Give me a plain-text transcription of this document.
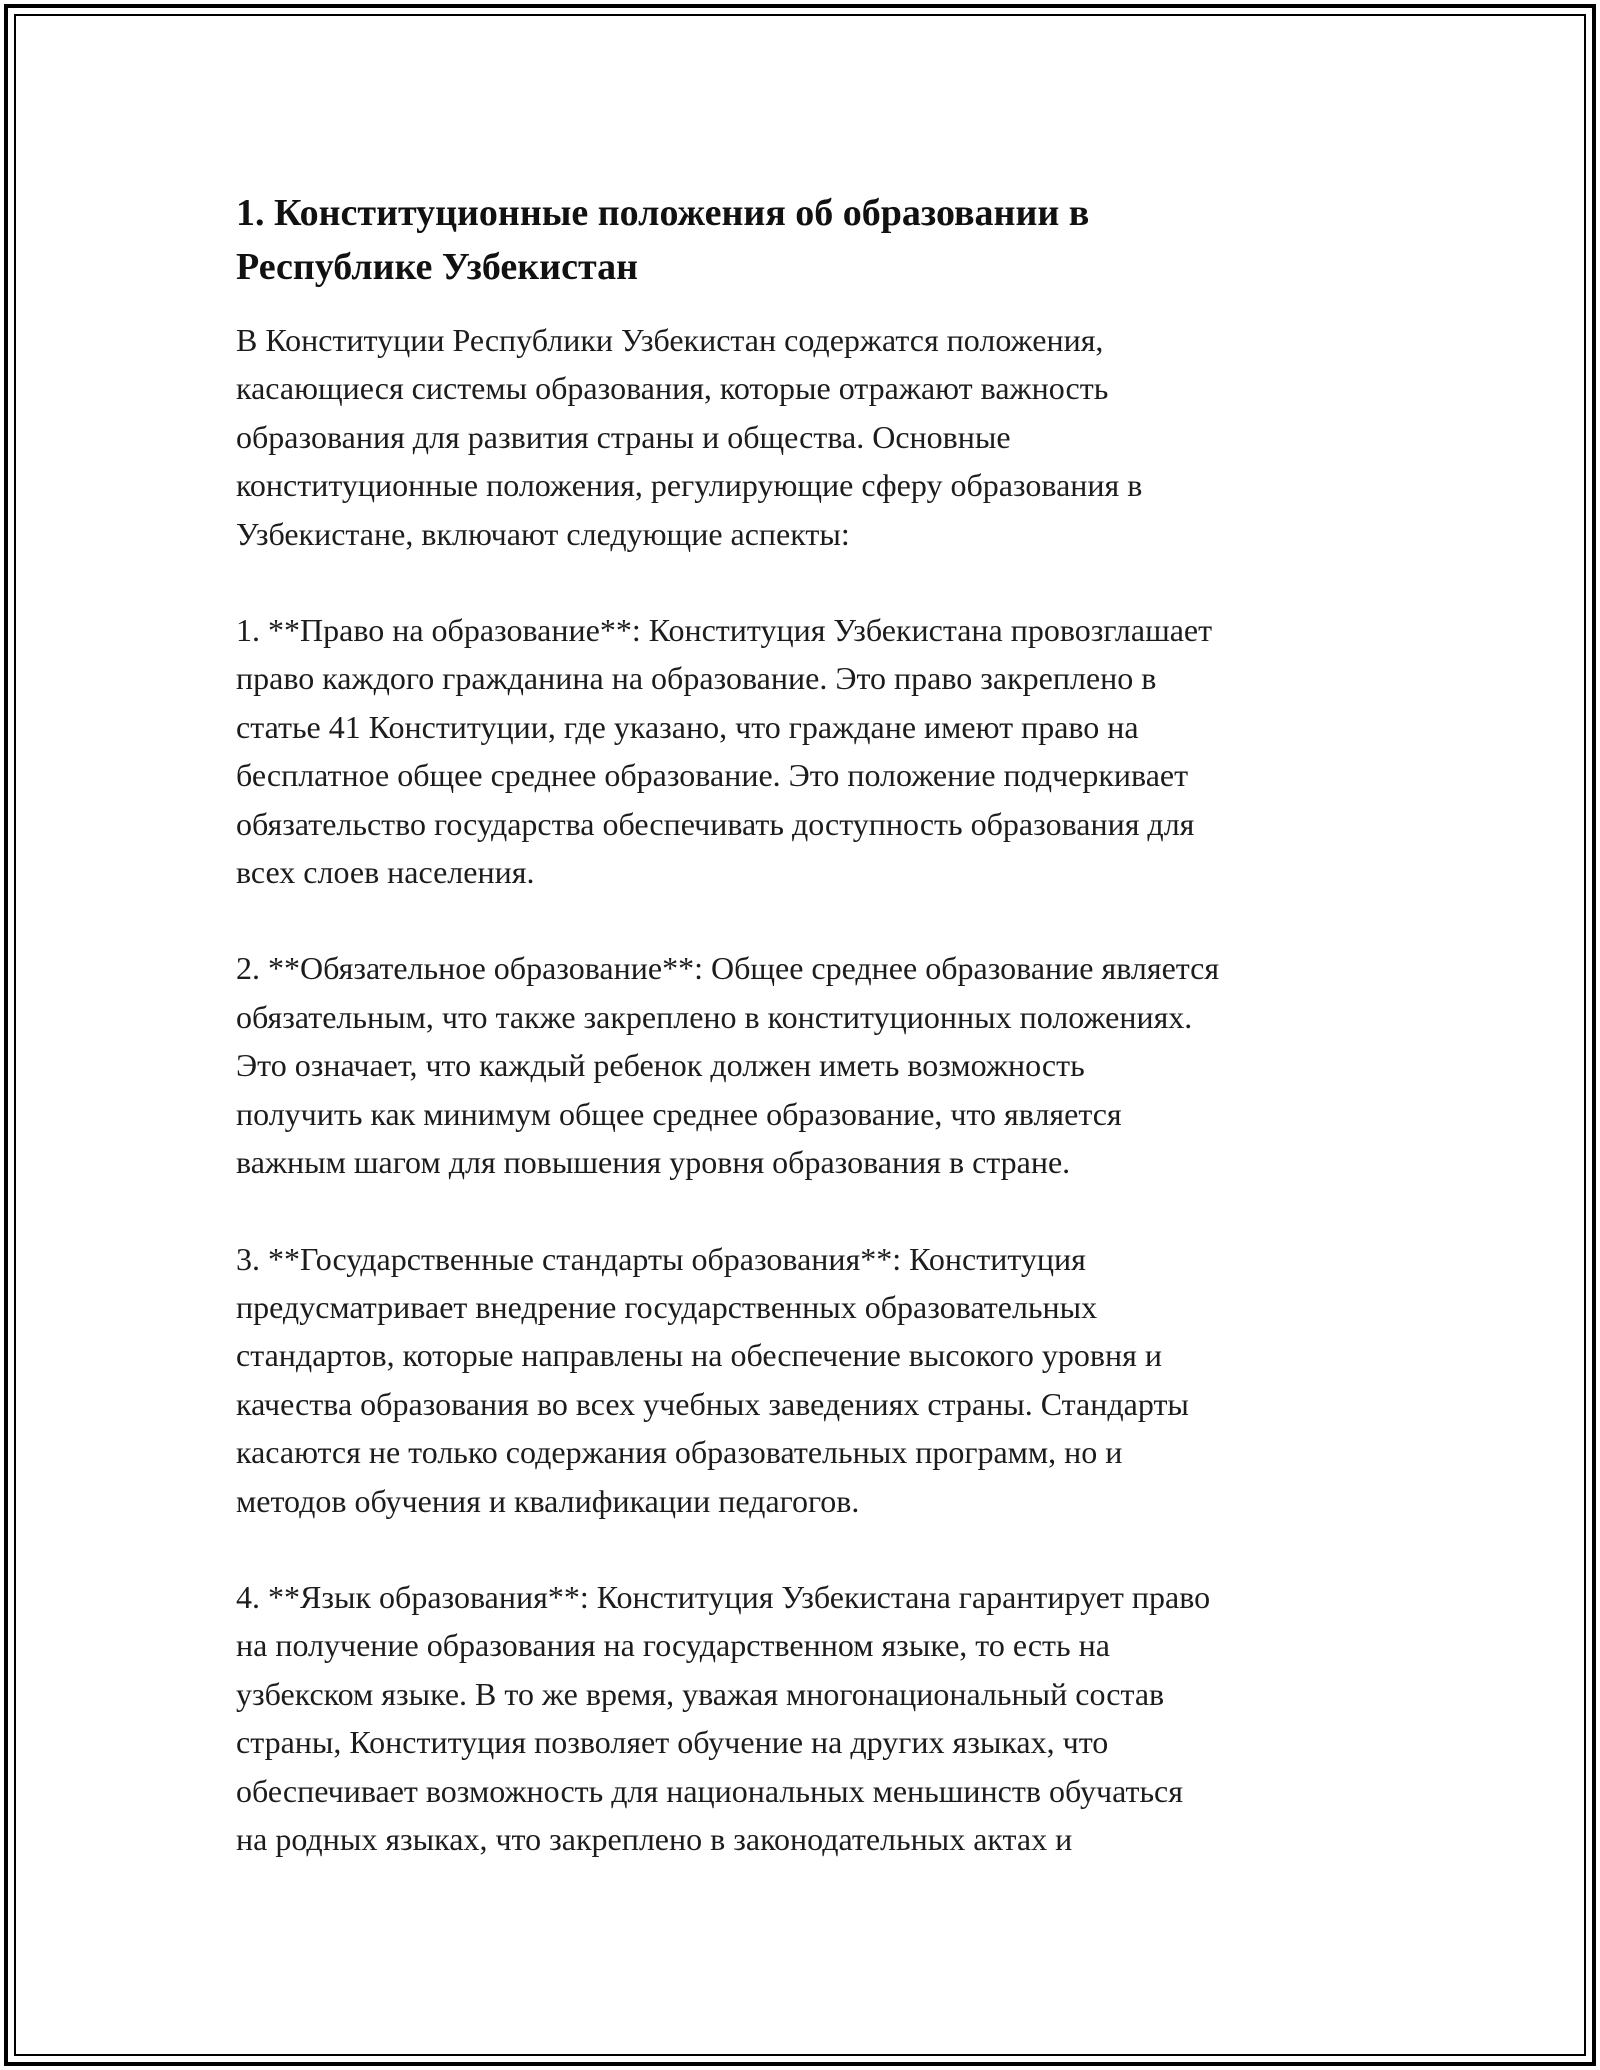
1. Конституционные положения об образовании в
Республике Узбекистан

В Конституции Республики Узбекистан содержатся положения,
касающиеся системы образования, которые отражают важность
образования для развития страны и общества. Основные
конституционные положения, регулирующие сферу образования в
Узбекистане, включают следующие аспекты:

1. **Право на образование**: Конституция Узбекистана провозглашает
право каждого гражданина на образование. Это право закреплено в
статье 41 Конституции, где указано, что граждане имеют право на
бесплатное общее среднее образование. Это положение подчеркивает
обязательство государства обеспечивать доступность образования для
всех слоев населения.

2. **Обязательное образование**: Общее среднее образование является
обязательным, что также закреплено в конституционных положениях.
Это означает, что каждый ребенок должен иметь возможность
получить как минимум общее среднее образование, что является
важным шагом для повышения уровня образования в стране.

3. **Государственные стандарты образования**: Конституция
предусматривает внедрение государственных образовательных
стандартов, которые направлены на обеспечение высокого уровня и
качества образования во всех учебных заведениях страны. Стандарты
касаются не только содержания образовательных программ, но и
методов обучения и квалификации педагогов.

4. **Язык образования**: Конституция Узбекистана гарантирует право
на получение образования на государственном языке, то есть на
узбекском языке. В то же время, уважая многонациональный состав
страны, Конституция позволяет обучение на других языках, что
обеспечивает возможность для национальных меньшинств обучаться
на родных языках, что закреплено в законодательных актах и
